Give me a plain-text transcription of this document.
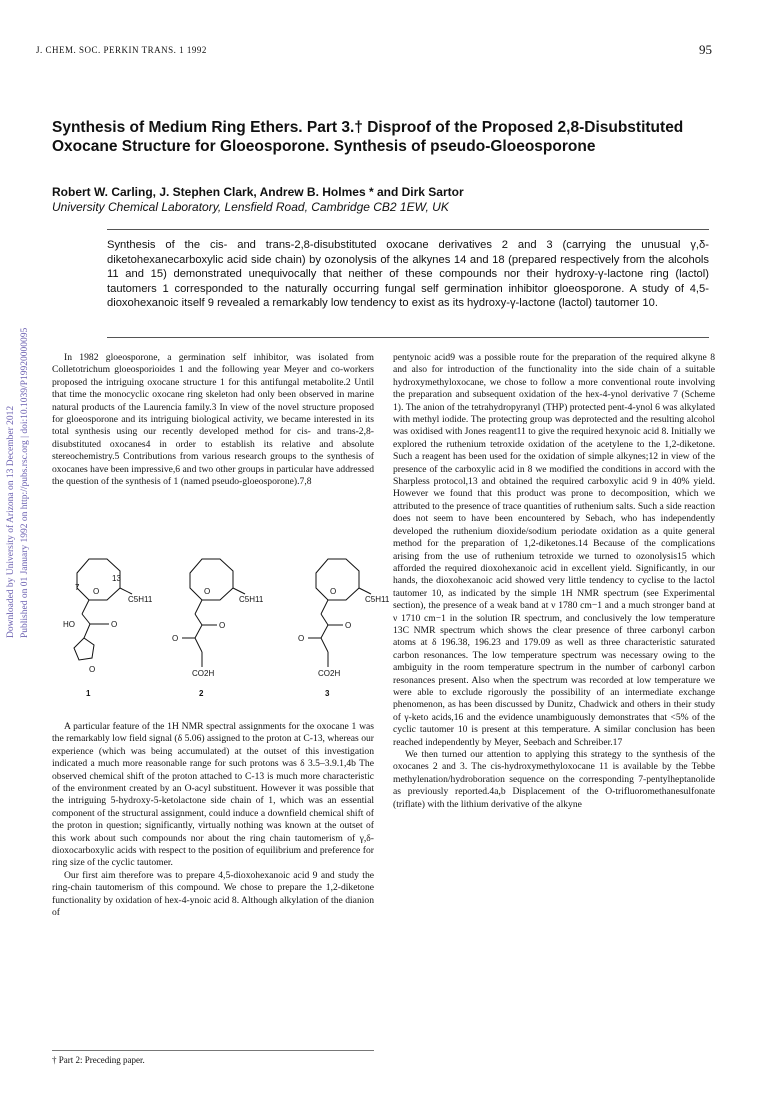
J. CHEM. SOC. PERKIN TRANS. 1 1992	95
Downloaded by University of Arizona on 13 December 2012 Published on 01 January 1992 on http://pubs.rsc.org | doi:10.1039/P19920000095
Synthesis of Medium Ring Ethers. Part 3.† Disproof of the Proposed 2,8-Disubstituted Oxocane Structure for Gloeosporone. Synthesis of pseudo-Gloeosporone
Robert W. Carling, J. Stephen Clark, Andrew B. Holmes * and Dirk Sartor
University Chemical Laboratory, Lensfield Road, Cambridge CB2 1EW, UK
Synthesis of the cis- and trans-2,8-disubstituted oxocane derivatives 2 and 3 (carrying the unusual γ,δ-diketohexanecarboxylic acid side chain) by ozonolysis of the alkynes 14 and 18 (prepared respectively from the alcohols 11 and 15) demonstrated unequivocally that neither of these compounds nor their hydroxy-γ-lactone ring (lactol) tautomers 1 corresponded to the naturally occurring fungal self germination inhibitor gloeosporone. A study of 4,5-dioxohexanoic itself 9 revealed a remarkably low tendency to exist as its hydroxy-γ-lactone (lactol) tautomer 10.

In 1982 gloeosporone, a germination self inhibitor, was isolated from Colletotrichum gloeosporioides 1 and the following year Meyer and co-workers proposed the intriguing oxocane structure 1 for this antifungal metabolite.2 Until that time the monocyclic oxocane ring skeleton had only been observed in marine natural products of the Laurencia family.3 In view of the novel structure proposed for gloeosporone and its intriguing biological activity, we became interested in its total synthesis using our recently developed method for cis- and trans-2,8-disubstituted oxocanes4 in order to establish its relative and absolute stereochemistry.5 Contributions from various research groups to the synthesis of oxocanes have been impressive,6 and two other groups in particular have addressed the question of the synthesis of 1 (named pseudo-gloeosporone).7,8

O
7
13
C5H11
HO	O
O
O
C5H11
O
O
CO2H
O
C5H11
O
O
CO2H
1	2	3

A particular feature of the 1H NMR spectral assignments for the oxocane 1 was the remarkably low field signal (δ 5.06) assigned to the proton at C-13, whereas our experience (which was being accumulated) at the outset of this investigation indicated a much more reasonable range for such protons was δ 3.5–3.9.1,4b The observed chemical shift of the proton attached to C-13 is much more characteristic of the environment created by an O-acyl substituent. However it was possible that the intriguing 5-hydroxy-5-ketolactone side chain of 1, which was an essential component of the structural assignment, could induce a downfield chemical shift of the proton in question; significantly, virtually nothing was known at the outset of this work about such compounds nor about the ring chain tautomerism of γ,δ-dioxocarboxylic acids with respect to the position of equilibrium and preference for ring size of the cyclic tautomer.

Our first aim therefore was to prepare 4,5-dioxohexanoic acid 9 and study the ring-chain tautomerism of this compound. We chose to prepare the 1,2-diketone functionality by oxidation of hex-4-ynoic acid 8. Although alkylation of the dianion of

pentynoic acid9 was a possible route for the preparation of the required alkyne 8 and also for introduction of the functionality into the side chain of a suitable hydroxymethyloxocane, we chose to follow a more conventional route involving the preparation and subsequent oxidation of the hex-4-ynol derivative 7 (Scheme 1). The anion of the tetrahydropyranyl (THP) protected pent-4-ynol 6 was alkylated with methyl iodide. The protecting group was deprotected and the resulting alcohol was oxidised with Jones reagent11 to give the required hexynoic acid 8. Initially we explored the ruthenium tetroxide oxidation of the acetylene to the 1,2-diketone. Such a reagent has been used for the oxidation of simple alkynes;12 in view of the presence of the carboxylic acid in 8 we modified the conditions in accord with the Sharpless protocol,13 and obtained the required carboxylic acid 9 in 40% yield. However we found that this product was prone to decomposition, which we attributed to the presence of trace quantities of ruthenium salts. Such a side reaction does not seem to have been encountered by Sebach, who has independently developed the ruthenium dioxide/sodium periodate oxidation as a quite general method for the preparation of 1,2-diketones.14 Because of the complications arising from the use of ruthenium tetroxide we turned to ozonolysis15 which afforded the required dioxohexanoic acid in excellent yield. Significantly, in our hands, the dioxohexanoic acid showed very little tendency to cyclise to the lactol tautomer 10, as indicated by the simple 1H NMR spectrum (see Experimental section), the presence of a weak band at ν 1780 cm−1 and a much stronger band at ν 1710 cm−1 in the solution IR spectrum, and conclusively the low temperature 13C NMR spectrum which shows the clear presence of three carbonyl carbon atoms at δ 196.38, 196.23 and 179.09 as well as three characteristic saturated carbon resonances. The low temperature spectrum was necessary owing to the ambiguity in the room temperature spectrum in the number of carbonyl carbon resonances present. Also when the spectrum was recorded at low temperature we were able to exclude rigorously the possibility of an intermediate exchange phenomenon, as has been discussed by Dunitz, Chadwick and others in their study of γ-keto acids,16 and the evidence unambiguously demonstrates that <5% of the cyclic tautomer 10 is present at this temperature. A similar conclusion has been reached independently by Meyer, Seebach and Schreiber.17

We then turned our attention to applying this strategy to the synthesis of the oxocanes 2 and 3. The cis-hydroxymethyloxocane 11 is available by the Tebbe methylenation/hydroboration sequence on the corresponding 7-pentylheptanolide as previously reported.4a,b Displacement of the O-trifluoromethanesulfonate (triflate) with the lithium derivative of the alkyne

† Part 2: Preceding paper.
